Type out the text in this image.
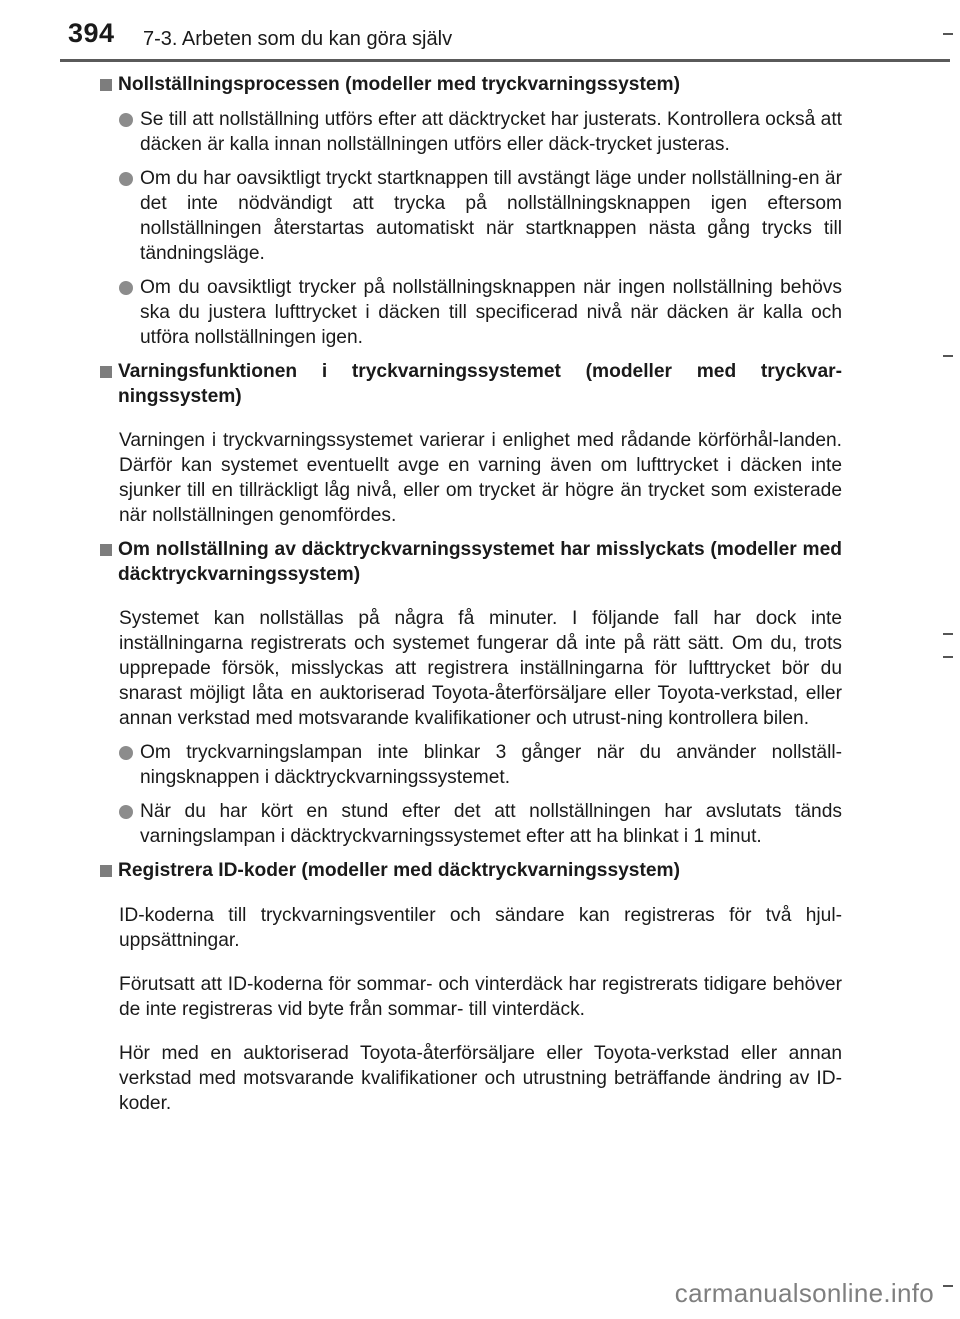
394 7-3. Arbeten som du kan göra själv
Nollställningsprocessen (modeller med tryckvarningssystem)
Se till att nollställning utförs efter att däcktrycket har justerats. Kontrollera också att däcken är kalla innan nollställningen utförs eller däck-trycket justeras.
Om du har oavsiktligt tryckt startknappen till avstängt läge under nollställning-en är det inte nödvändigt att trycka på nollställningsknappen igen eftersom nollställningen återstartas automatiskt när startknappen nästa gång trycks till tändningsläge.
Om du oavsiktligt trycker på nollställningsknappen när ingen nollställning behövs ska du justera lufttrycket i däcken till specificerad nivå när däcken är kalla och utföra nollställningen igen.
Varningsfunktionen i tryckvarningssystemet (modeller med tryckvar-ningssystem)

Varningen i tryckvarningssystemet varierar i enlighet med rådande körförhål-landen. Därför kan systemet eventuellt avge en varning även om lufttrycket i däcken inte sjunker till en tillräckligt låg nivå, eller om trycket är högre än trycket som existerade när nollställningen genomfördes.

Om nollställning av däcktryckvarningssystemet har misslyckats (modeller med däcktryckvarningssystem)

Systemet kan nollställas på några få minuter. I följande fall har dock inte inställningarna registrerats och systemet fungerar då inte på rätt sätt. Om du, trots upprepade försök, misslyckas att registrera inställningarna för lufttrycket bör du snarast möjligt låta en auktoriserad Toyota-återförsäljare eller Toyota-verkstad, eller annan verkstad med motsvarande kvalifikationer och utrust-ning kontrollera bilen.

Om tryckvarningslampan inte blinkar 3 gånger när du använder nollställ-ningsknappen i däcktryckvarningssystemet.
När du har kört en stund efter det att nollställningen har avslutats tänds varningslampan i däcktryckvarningssystemet efter att ha blinkat i 1 minut.
Registrera ID-koder (modeller med däcktryckvarningssystem)

ID-koderna till tryckvarningsventiler och sändare kan registreras för två hjul-uppsättningar.

Förutsatt att ID-koderna för sommar- och vinterdäck har registrerats tidigare behöver de inte registreras vid byte från sommar- till vinterdäck.

Hör med en auktoriserad Toyota-återförsäljare eller Toyota-verkstad eller annan verkstad med motsvarande kvalifikationer och utrustning beträffande ändring av ID-koder.

carmanualsonline.info
